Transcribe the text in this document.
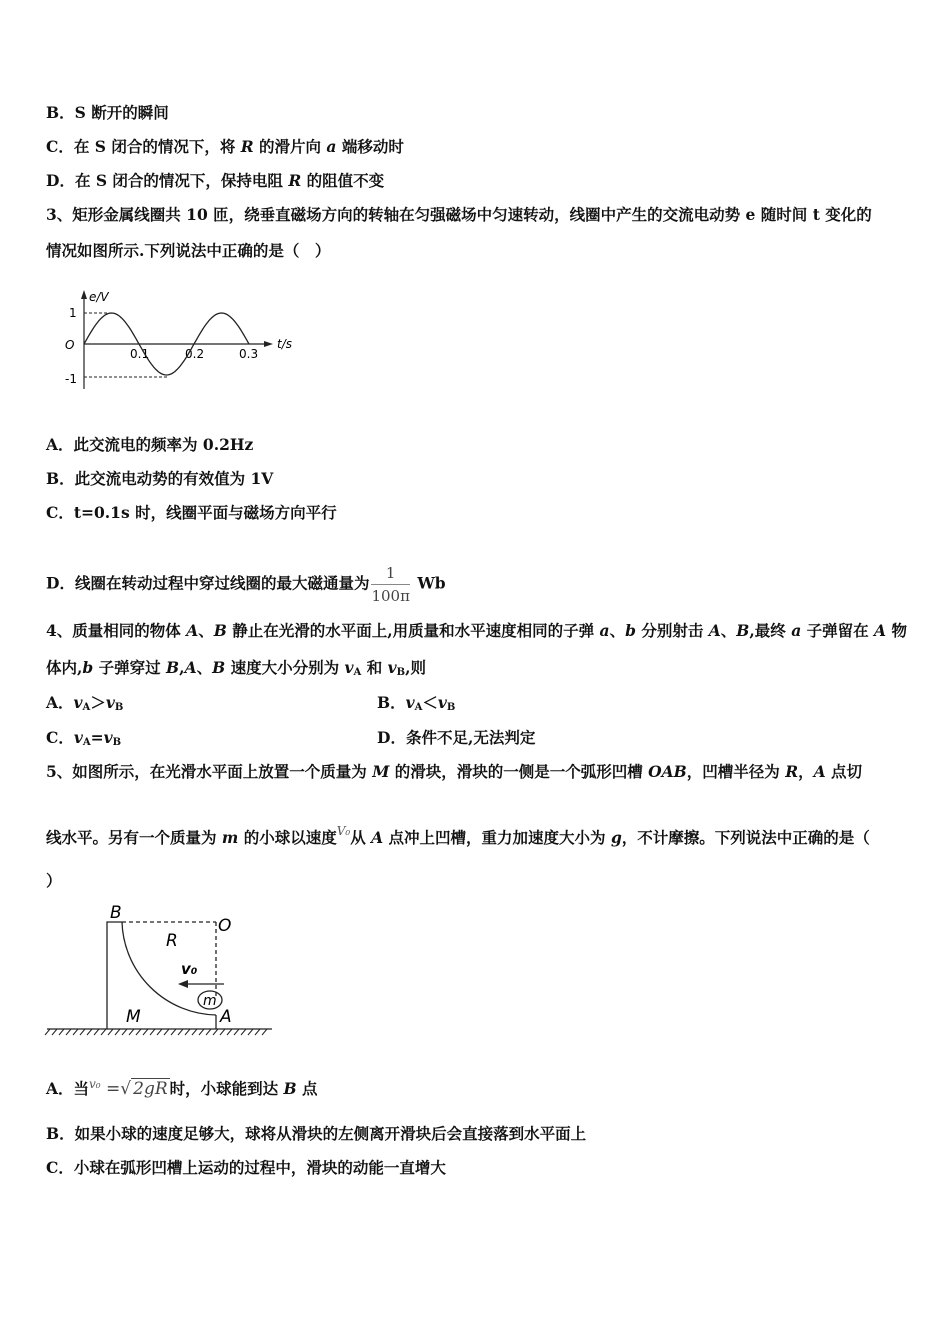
B．S 断开的瞬间
C．在 S 闭合的情况下，将 R 的滑片向 a 端移动时
D．在 S 闭合的情况下，保持电阻 R 的阻值不变
3、矩形金属线圈共 10 匝，绕垂直磁场方向的转轴在匀强磁场中匀速转动，线圈中产生的交流电动势 e 随时间 t 变化的
情况如图所示.下列说法中正确的是（　）
A．此交流电的频率为 0.2Hz
B．此交流电动势的有效值为 1V
C．t=0.1s 时，线圈平面与磁场方向平行
4、质量相同的物体 A、B 静止在光滑的水平面上,用质量和水平速度相同的子弹 a、b 分别射击 A、B,最终 a 子弹留在 A 物
体内,b 子弹穿过 B,A、B 速度大小分别为 $v_A$ 和 $v_B$,则
A．$v_A>v_B$	B．$v_A<v_B$
C．$v_A=v_B$	D．条件不足,无法判定
5、如图所示，在光滑水平面上放置一个质量为 M 的滑块，滑块的一侧是一个弧形凹槽 OAB，凹槽半径为 R，A 点切
）
B．如果小球的速度足够大，球将从滑块的左侧离开滑块后会直接落到水平面上
C．小球在弧形凹槽上运动的过程中，滑块的动能一直增大
D．线圈在转动过程中穿过线圈的最大磁通量为 $\frac{1}{100\pi}$ Wb
线水平。另有一个质量为 m 的小球以速度$^{V_0}$从 A 点冲上凹槽，重力加速度大小为 g，不计摩擦。下列说法中正确的是（
A．当$^{v_0}$ =√ 2gR 时，小球能到达 B 点
e/V
t/s
O
1
-1
0.1	0.2	0.3
B
O
R
v₀
m
M	A
